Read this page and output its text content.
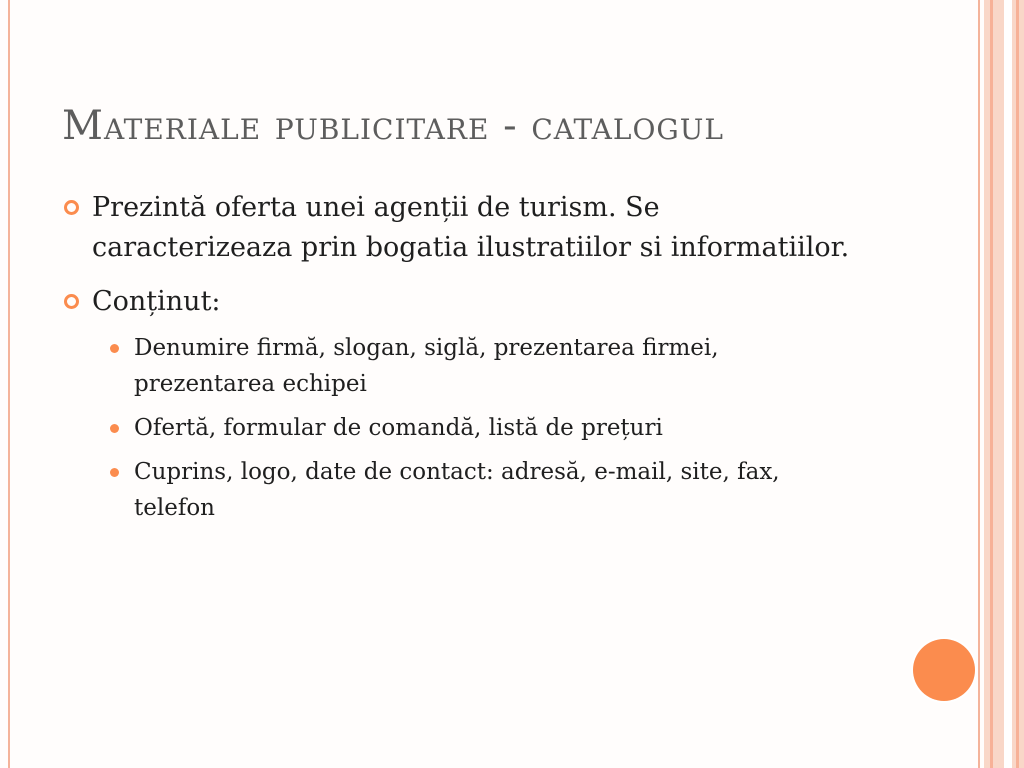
Materiale publicitare - catalogul
Prezintă oferta unei agenții de turism. Se caracterizeaza prin bogatia ilustratiilor si informatiilor.
Conținut:
Denumire firmă, slogan, siglă, prezentarea firmei, prezentarea echipei
Ofertă, formular de comandă, listă de prețuri
Cuprins, logo, date de contact: adresă, e-mail, site, fax, telefon
